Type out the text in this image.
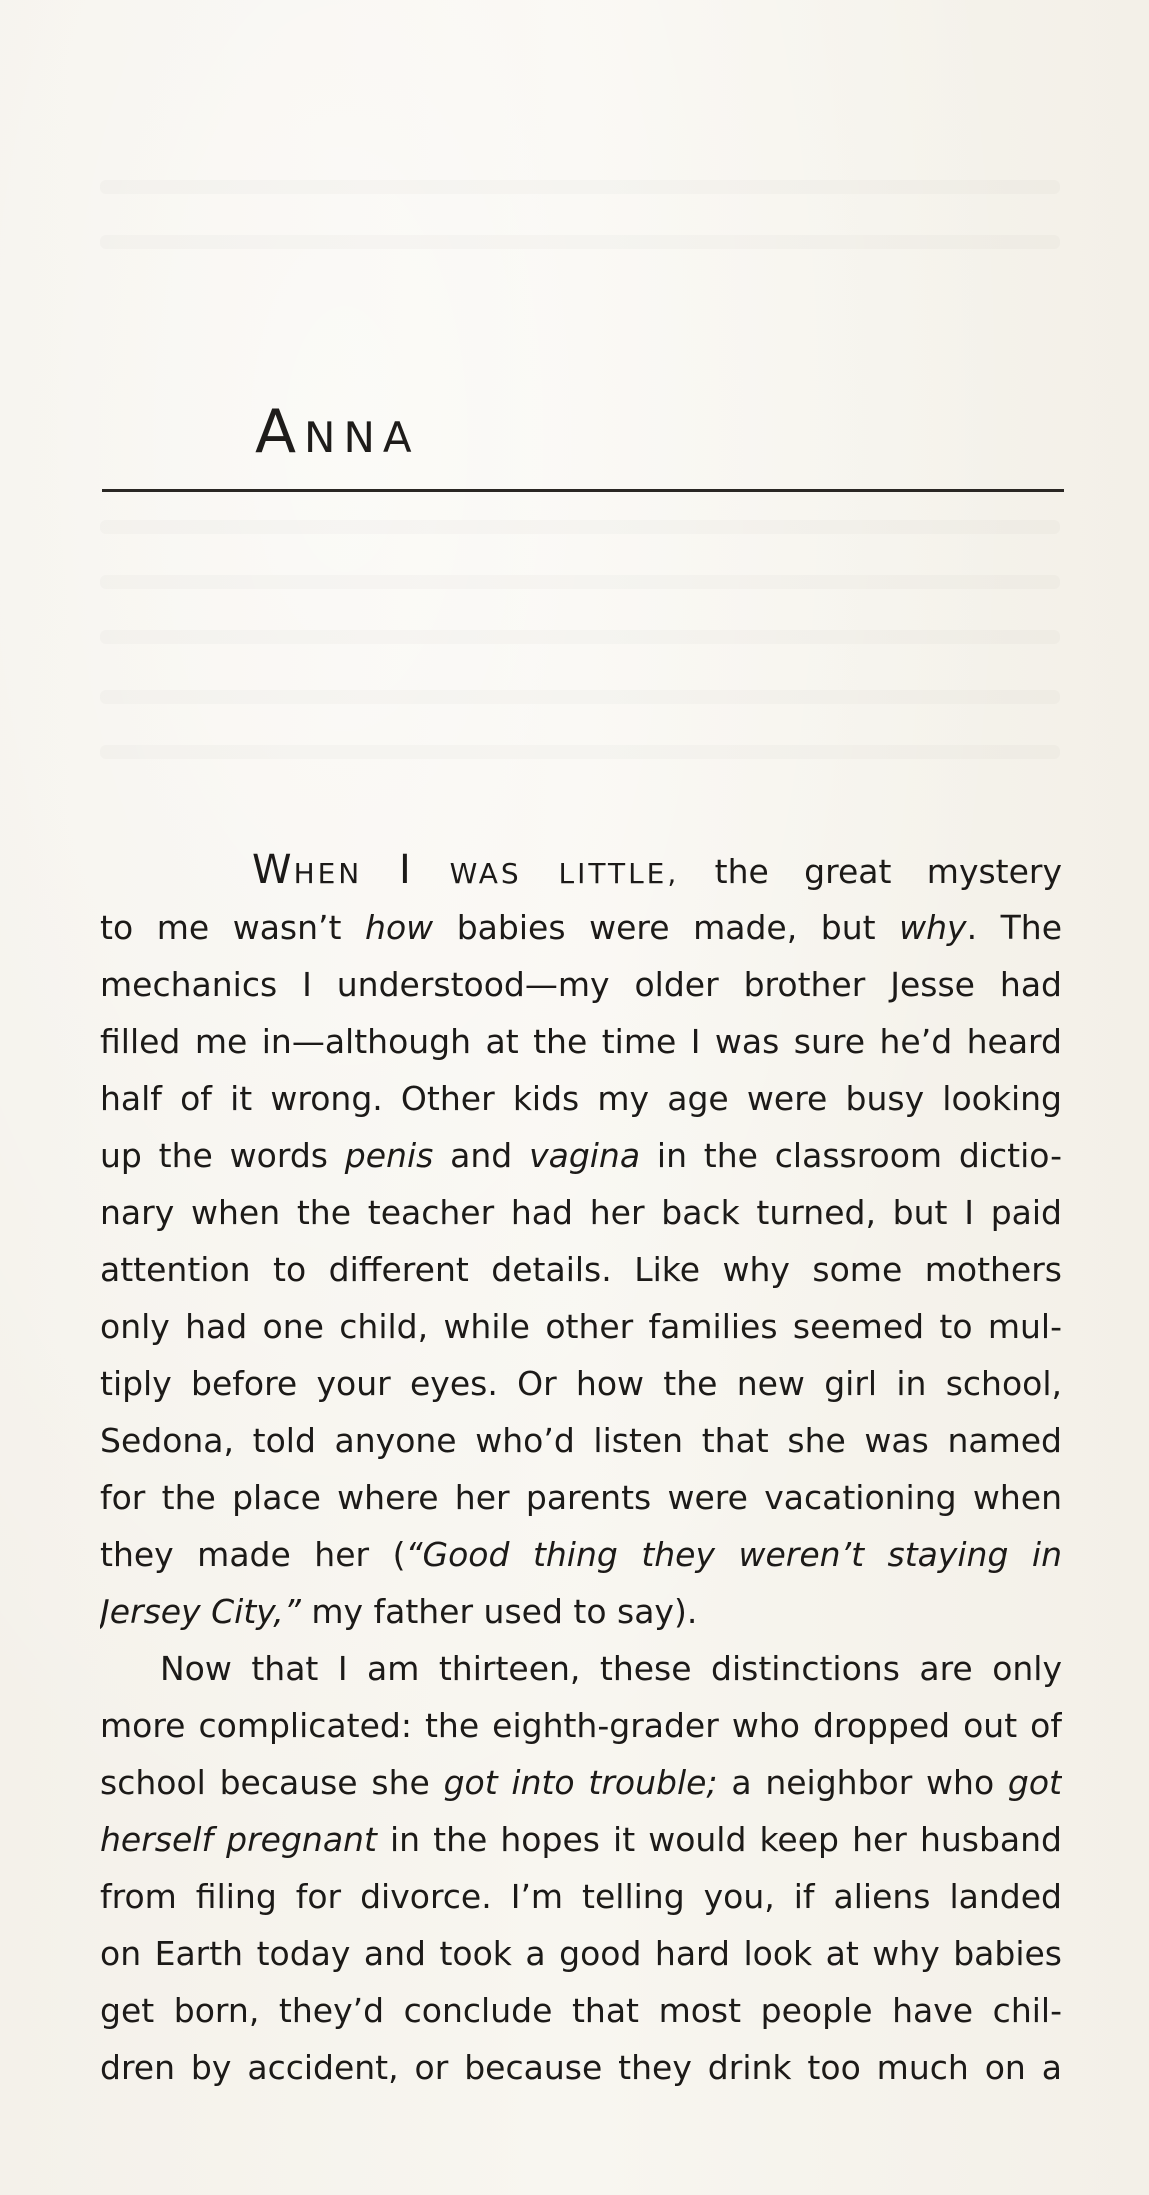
ANNA
WHEN I WAS LITTLE, the great mystery
to me wasn’t how babies were made, but why. The
mechanics I understood—my older brother Jesse had
filled me in—although at the time I was sure he’d heard
half of it wrong. Other kids my age were busy looking
up the words penis and vagina in the classroom dictio-
nary when the teacher had her back turned, but I paid
attention to different details. Like why some mothers
only had one child, while other families seemed to mul-
tiply before your eyes. Or how the new girl in school,
Sedona, told anyone who’d listen that she was named
for the place where her parents were vacationing when
they made her (“Good thing they weren’t staying in
Jersey City,” my father used to say).
Now that I am thirteen, these distinctions are only
more complicated: the eighth-grader who dropped out of
school because she got into trouble; a neighbor who got
herself pregnant in the hopes it would keep her husband
from filing for divorce. I’m telling you, if aliens landed
on Earth today and took a good hard look at why babies
get born, they’d conclude that most people have chil-
dren by accident, or because they drink too much on a
